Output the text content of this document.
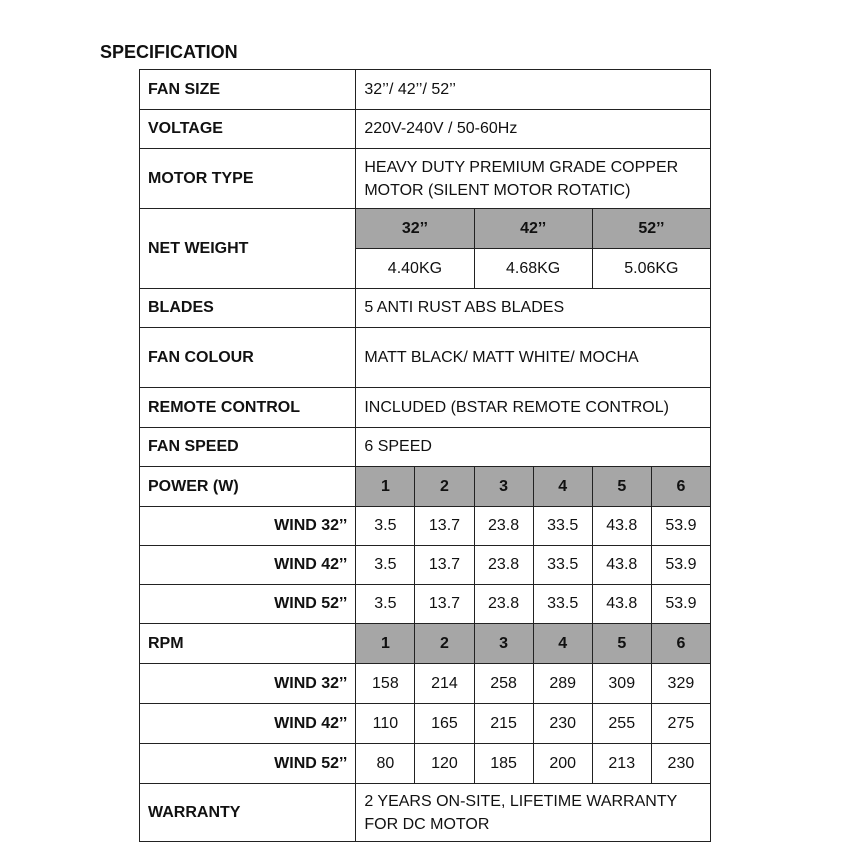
SPECIFICATION
FAN SIZE	32’’/ 42’’/ 52’’					
VOLTAGE	220V-240V / 50-60Hz					
MOTOR TYPE	HEAVY DUTY PREMIUM GRADE COPPER
MOTOR (SILENT MOTOR ROTATIC)					

NET WEIGHT	32’’		42’’		52’’	
	4.40KG		4.68KG		5.06KG	
BLADES	5 ANTI RUST ABS BLADES					
FAN COLOUR	MATT BLACK/ MATT WHITE/ MOCHA					
REMOTE CONTROL	INCLUDED (BSTAR REMOTE CONTROL)					
FAN SPEED	6 SPEED					
POWER (W)	1	2	3	4	5	6
WIND 32’’	3.5	13.7	23.8	33.5	43.8	53.9
WIND 42’’	3.5	13.7	23.8	33.5	43.8	53.9
WIND 52’’	3.5	13.7	23.8	33.5	43.8	53.9
RPM	1	2	3	4	5	6
WIND 32’’	158	214	258	289	309	329
WIND 42’’	110	165	215	230	255	275
WIND 52’’	80	120	185	200	213	230
WARRANTY	2 YEARS ON-SITE, LIFETIME WARRANTY
FOR DC MOTOR					
